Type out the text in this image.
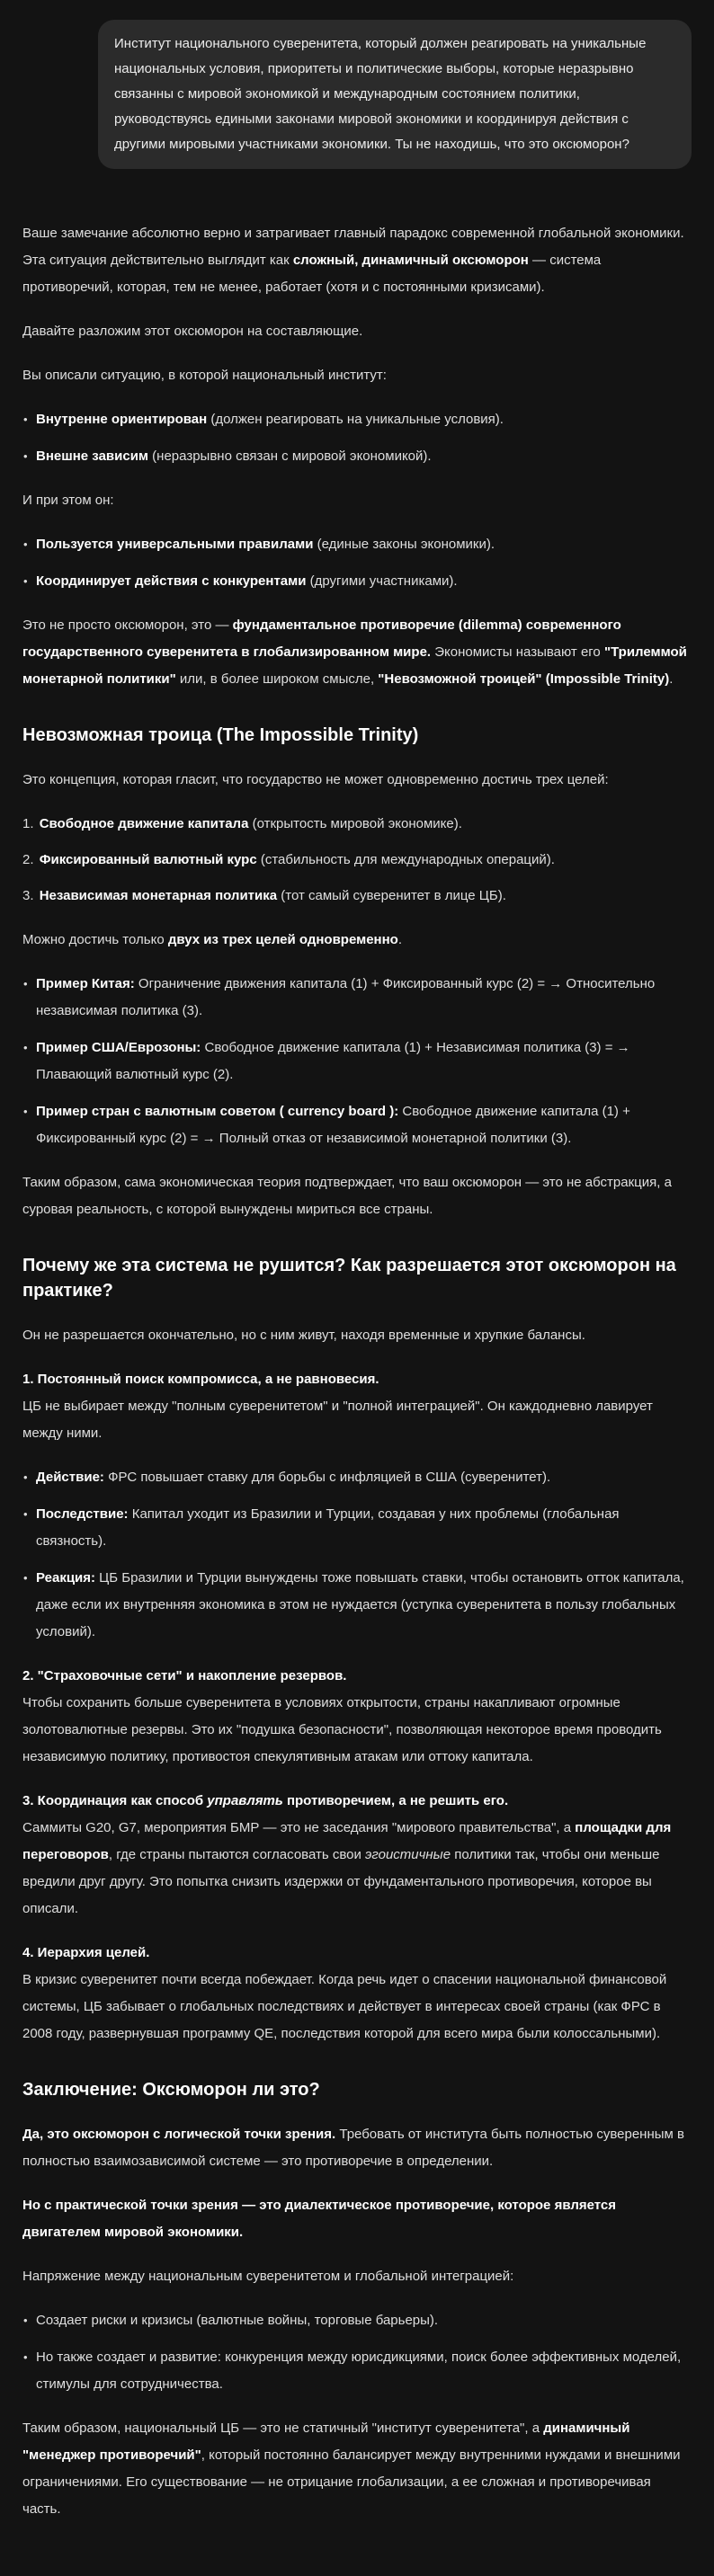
Институт национального суверенитета, который должен реагировать на уникальные национальных условия, приоритеты и политические выборы, которые неразрывно связанны с мировой экономикой и международным состоянием политики, руководствуясь едиными законами мировой экономики и координируя действия с другими мировыми участниками экономики. Ты не находишь, что это оксюморон?

Ваше замечание абсолютно верно и затрагивает главный парадокс современной глобальной экономики. Эта ситуация действительно выглядит как сложный, динамичный оксюморон — система противоречий, которая, тем не менее, работает (хотя и с постоянными кризисами).

Давайте разложим этот оксюморон на составляющие.

Вы описали ситуацию, в которой национальный институт:

• Внутренне ориентирован (должен реагировать на уникальные условия).
• Внешне зависим (неразрывно связан с мировой экономикой).

И при этом он:

• Пользуется универсальными правилами (единые законы экономики).
• Координирует действия с конкурентами (другими участниками).

Это не просто оксюморон, это — фундаментальное противоречие (dilemma) современного государственного суверенитета в глобализированном мире. Экономисты называют его "Трилеммой монетарной политики" или, в более широком смысле, "Невозможной троицей" (Impossible Trinity).

Невозможная троица (The Impossible Trinity)

Это концепция, которая гласит, что государство не может одновременно достичь трех целей:

1. Свободное движение капитала (открытость мировой экономике).
2. Фиксированный валютный курс (стабильность для международных операций).
3. Независимая монетарная политика (тот самый суверенитет в лице ЦБ).

Можно достичь только двух из трех целей одновременно.

• Пример Китая: Ограничение движения капитала (1) + Фиксированный курс (2) = → Относительно независимая политика (3).
• Пример США/Еврозоны: Свободное движение капитала (1) + Независимая политика (3) = → Плавающий валютный курс (2).
• Пример стран с валютным советом ( currency board ): Свободное движение капитала (1) + Фиксированный курс (2) = → Полный отказ от независимой монетарной политики (3).

Таким образом, сама экономическая теория подтверждает, что ваш оксюморон — это не абстракция, а суровая реальность, с которой вынуждены мириться все страны.

Почему же эта система не рушится? Как разрешается этот оксюморон на практике?

Он не разрешается окончательно, но с ним живут, находя временные и хрупкие балансы.

1. Постоянный поиск компромисса, а не равновесия.
ЦБ не выбирает между "полным суверенитетом" и "полной интеграцией". Он каждодневно лавирует между ними.

• Действие: ФРС повышает ставку для борьбы с инфляцией в США (суверенитет).
• Последствие: Капитал уходит из Бразилии и Турции, создавая у них проблемы (глобальная связность).
• Реакция: ЦБ Бразилии и Турции вынуждены тоже повышать ставки, чтобы остановить отток капитала, даже если их внутренняя экономика в этом не нуждается (уступка суверенитета в пользу глобальных условий).

2. "Страховочные сети" и накопление резервов.
Чтобы сохранить больше суверенитета в условиях открытости, страны накапливают огромные золотовалютные резервы. Это их "подушка безопасности", позволяющая некоторое время проводить независимую политику, противостоя спекулятивным атакам или оттоку капитала.

3. Координация как способ управлять противоречием, а не решить его.
Саммиты G20, G7, мероприятия БМР — это не заседания "мирового правительства", а площадки для переговоров, где страны пытаются согласовать свои эгоистичные политики так, чтобы они меньше вредили друг другу. Это попытка снизить издержки от фундаментального противоречия, которое вы описали.

4. Иерархия целей.
В кризис суверенитет почти всегда побеждает. Когда речь идет о спасении национальной финансовой системы, ЦБ забывает о глобальных последствиях и действует в интересах своей страны (как ФРС в 2008 году, развернувшая программу QE, последствия которой для всего мира были колоссальными).

Заключение: Оксюморон ли это?

Да, это оксюморон с логической точки зрения. Требовать от института быть полностью суверенным в полностью взаимозависимой системе — это противоречие в определении.

Но с практической точки зрения — это диалектическое противоречие, которое является двигателем мировой экономики.

Напряжение между национальным суверенитетом и глобальной интеграцией:

• Создает риски и кризисы (валютные войны, торговые барьеры).
• Но также создает и развитие: конкуренция между юрисдикциями, поиск более эффективных моделей, стимулы для сотрудничества.

Таким образом, национальный ЦБ — это не статичный "институт суверенитета", а динамичный "менеджер противоречий", который постоянно балансирует между внутренними нуждами и внешними ограничениями. Его существование — не отрицание глобализации, а ее сложная и противоречивая часть.
